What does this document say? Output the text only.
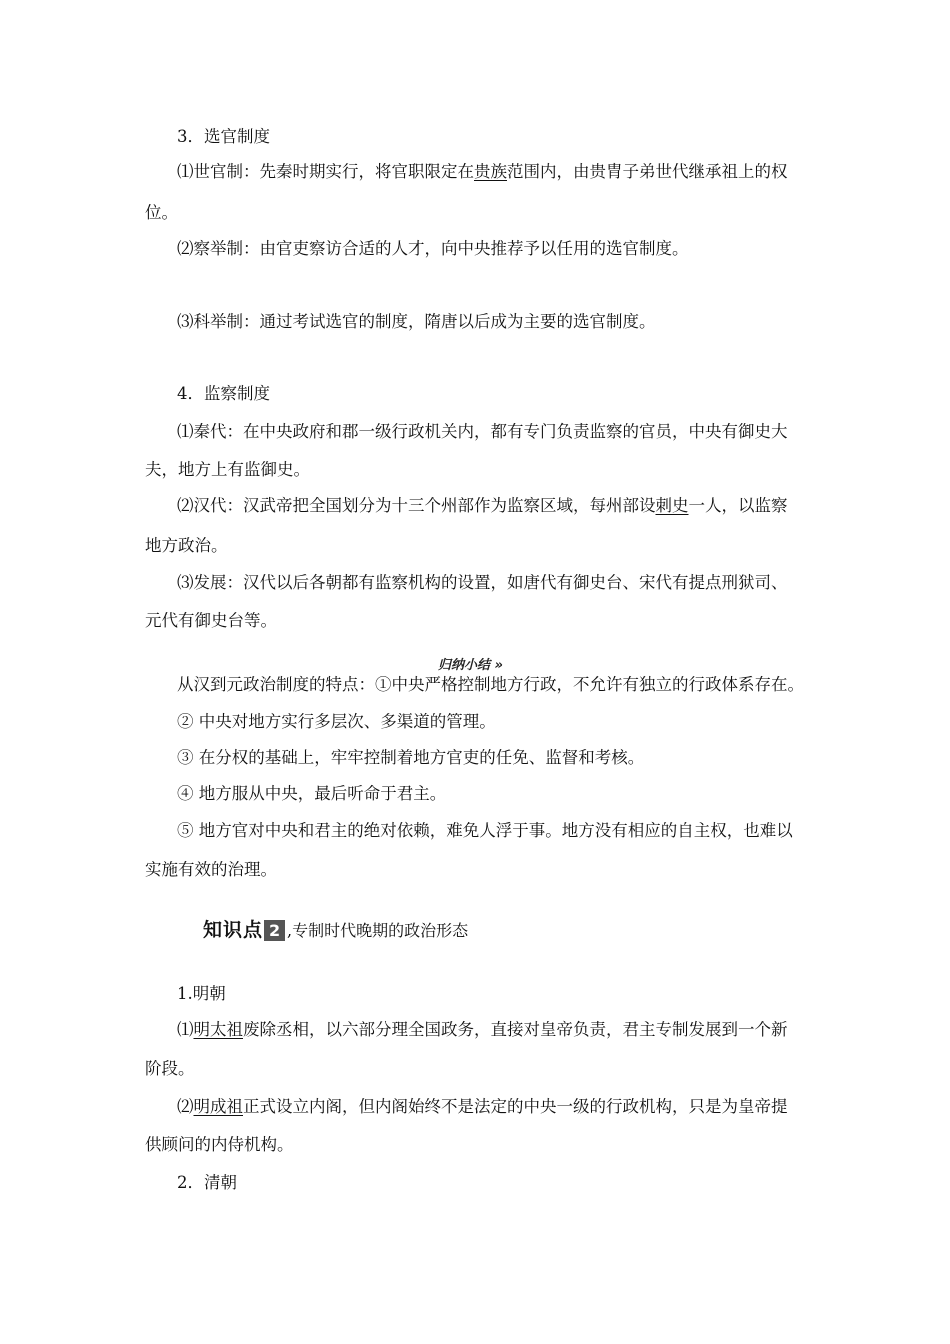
3．选官制度
⑴世官制：先秦时期实行，将官职限定在贵族范围内，由贵胄子弟世代继承祖上的权
位。
⑵察举制：由官吏察访合适的人才，向中央推荐予以任用的选官制度。
⑶科举制：通过考试选官的制度，隋唐以后成为主要的选官制度。
4．监察制度
⑴秦代：在中央政府和郡一级行政机关内，都有专门负责监察的官员，中央有御史大
夫，地方上有监御史。
⑵汉代：汉武帝把全国划分为十三个州部作为监察区域，每州部设刺史一人，以监察
地方政治。
⑶发展：汉代以后各朝都有监察机构的设置，如唐代有御史台、宋代有提点刑狱司、
元代有御史台等。
归纳小结 »
从汉到元政治制度的特点：①中央严格控制地方行政，不允许有独立的行政体系存在。
② 中央对地方实行多层次、多渠道的管理。
③ 在分权的基础上，牢牢控制着地方官吏的任免、监督和考核。
④ 地方服从中央，最后听命于君主。
⑤ 地方官对中央和君主的绝对依赖，难免人浮于事。地方没有相应的自主权，也难以
实施有效的治理。
知识点 2 ,专制时代晚期的政治形态
1.明朝
⑴明太祖废除丞相，以六部分理全国政务，直接对皇帝负责，君主专制发展到一个新
阶段。
⑵明成祖正式设立内阁，但内阁始终不是法定的中央一级的行政机构，只是为皇帝提
供顾问的内侍机构。
2．清朝
